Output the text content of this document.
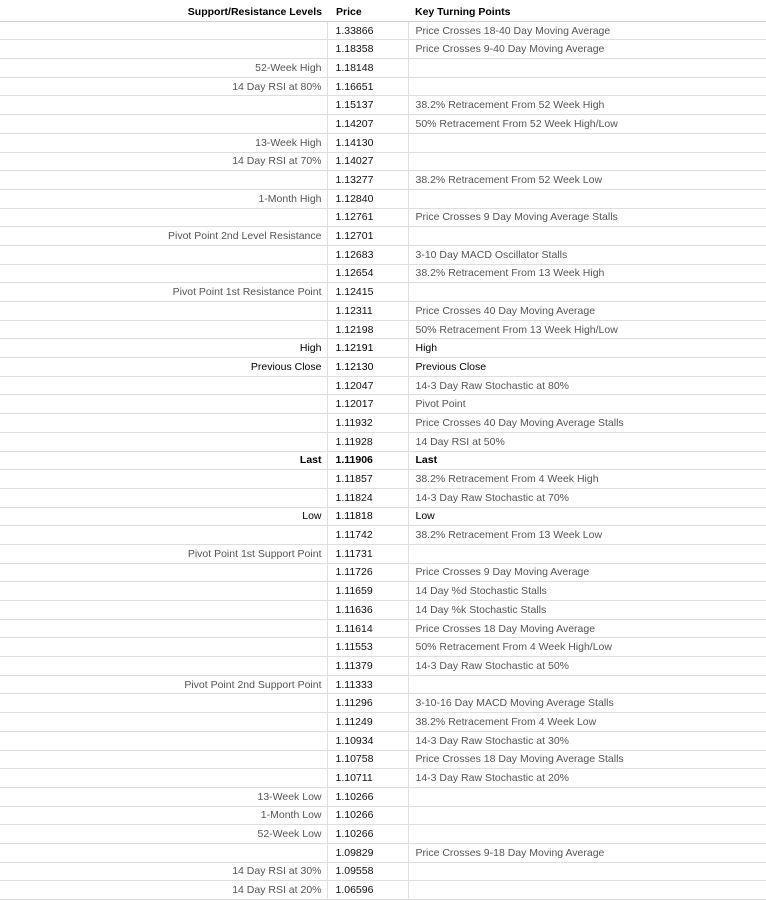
Support/Resistance Levels	Price	Key Turning Points
	1.33866	Price Crosses 18-40 Day Moving Average
	1.18358	Price Crosses 9-40 Day Moving Average
52-Week High	1.18148	
14 Day RSI at 80%	1.16651	
	1.15137	38.2% Retracement From 52 Week High
	1.14207	50% Retracement From 52 Week High/Low
13-Week High	1.14130	
14 Day RSI at 70%	1.14027	
	1.13277	38.2% Retracement From 52 Week Low
1-Month High	1.12840	
	1.12761	Price Crosses 9 Day Moving Average Stalls
Pivot Point 2nd Level Resistance	1.12701	
	1.12683	3-10 Day MACD Oscillator Stalls
	1.12654	38.2% Retracement From 13 Week High
Pivot Point 1st Resistance Point	1.12415	
	1.12311	Price Crosses 40 Day Moving Average
	1.12198	50% Retracement From 13 Week High/Low
High	1.12191	High
Previous Close	1.12130	Previous Close
	1.12047	14-3 Day Raw Stochastic at 80%
	1.12017	Pivot Point
	1.11932	Price Crosses 40 Day Moving Average Stalls
	1.11928	14 Day RSI at 50%
Last	1.11906	Last
	1.11857	38.2% Retracement From 4 Week High
	1.11824	14-3 Day Raw Stochastic at 70%
Low	1.11818	Low
	1.11742	38.2% Retracement From 13 Week Low
Pivot Point 1st Support Point	1.11731	
	1.11726	Price Crosses 9 Day Moving Average
	1.11659	14 Day %d Stochastic Stalls
	1.11636	14 Day %k Stochastic Stalls
	1.11614	Price Crosses 18 Day Moving Average
	1.11553	50% Retracement From 4 Week High/Low
	1.11379	14-3 Day Raw Stochastic at 50%
Pivot Point 2nd Support Point	1.11333	
	1.11296	3-10-16 Day MACD Moving Average Stalls
	1.11249	38.2% Retracement From 4 Week Low
	1.10934	14-3 Day Raw Stochastic at 30%
	1.10758	Price Crosses 18 Day Moving Average Stalls
	1.10711	14-3 Day Raw Stochastic at 20%
13-Week Low	1.10266	
1-Month Low	1.10266	
52-Week Low	1.10266	
	1.09829	Price Crosses 9-18 Day Moving Average
14 Day RSI at 30%	1.09558	
14 Day RSI at 20%	1.06596	
